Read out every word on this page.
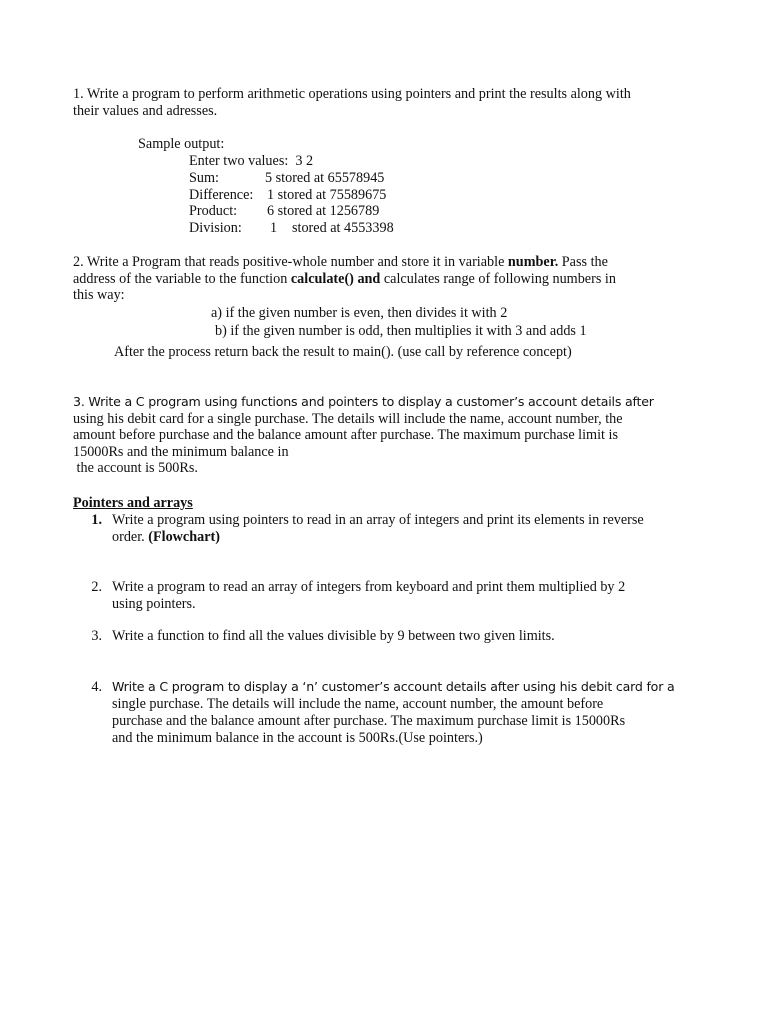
1. Write a program to perform arithmetic operations using pointers and print the results along with
their values and adresses.
Sample output:
Enter two values: 3 2
Sum:	5 stored at 65578945
Difference: 1 stored at 75589675
Product: 6 stored at 1256789
Division: 1 stored at 4553398
2. Write a Program that reads positive-whole number and store it in variable number. Pass the
address of the variable to the function calculate() and calculates range of following numbers in
this way:
a) if the given number is even, then divides it with 2
b) if the given number is odd, then multiplies it with 3 and adds 1
After the process return back the result to main(). (use call by reference concept)
3. Write a C program using functions and pointers to display a customer’s account details after
using his debit card for a single purchase. The details will include the name, account number, the
amount before purchase and the balance amount after purchase. The maximum purchase limit is
15000Rs and the minimum balance in
the account is 500Rs.
Pointers and arrays
1. Write a program using pointers to read in an array of integers and print its elements in reverse
order. (Flowchart)
2. Write a program to read an array of integers from keyboard and print them multiplied by 2
using pointers.
3. Write a function to find all the values divisible by 9 between two given limits.
4. Write a C program to display a ‘n’ customer’s account details after using his debit card for a
single purchase. The details will include the name, account number, the amount before
purchase and the balance amount after purchase. The maximum purchase limit is 15000Rs
and the minimum balance in the account is 500Rs.(Use pointers.)
